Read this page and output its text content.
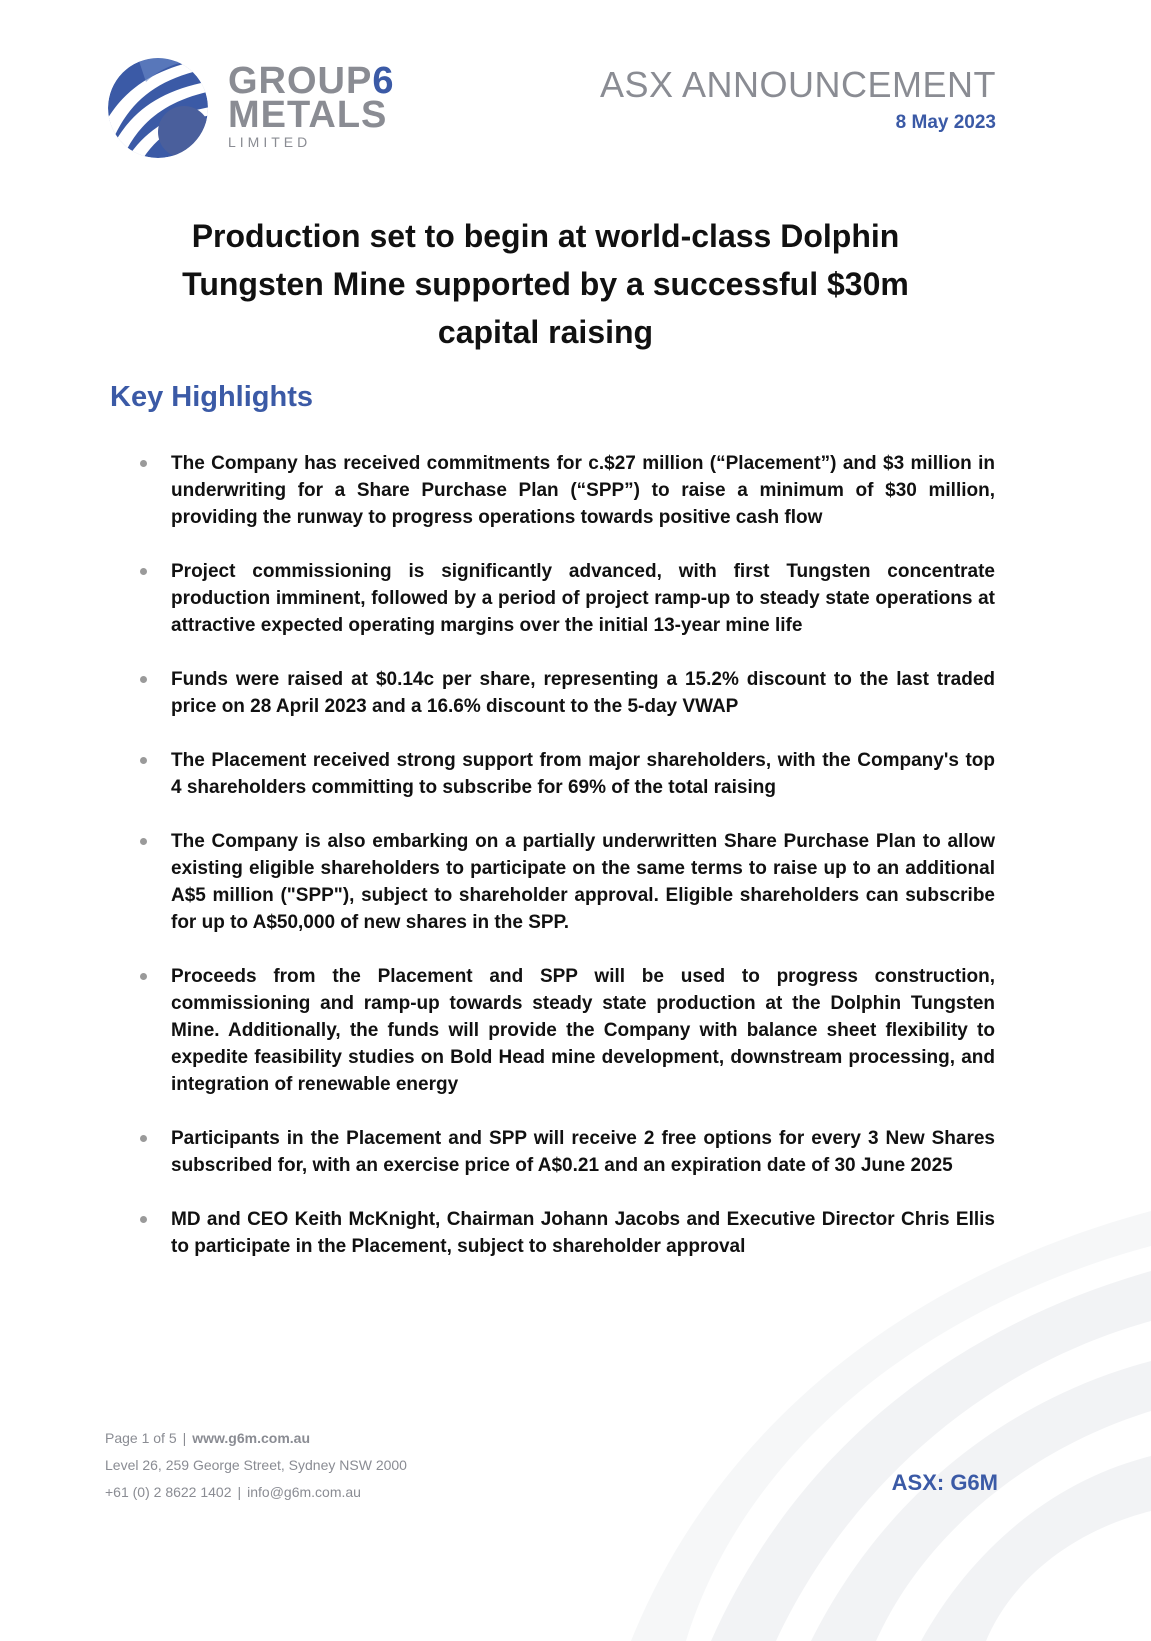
GROUP6
METALS
LIMITED
ASX ANNOUNCEMENT
8 May 2023
Production set to begin at world-class Dolphin Tungsten Mine supported by a successful $30m capital raising
Key Highlights
The Company has received commitments for c.$27 million (“Placement”) and $3 million in underwriting for a Share Purchase Plan (“SPP”) to raise a minimum of $30 million, providing the runway to progress operations towards positive cash flow
Project commissioning is significantly advanced, with first Tungsten concentrate production imminent, followed by a period of project ramp-up to steady state operations at attractive expected operating margins over the initial 13-year mine life
Funds were raised at $0.14c per share, representing a 15.2% discount to the last traded price on 28 April 2023 and a 16.6% discount to the 5-day VWAP
The Placement received strong support from major shareholders, with the Company's top 4 shareholders committing to subscribe for 69% of the total raising
The Company is also embarking on a partially underwritten Share Purchase Plan to allow existing eligible shareholders to participate on the same terms to raise up to an additional A$5 million ("SPP"), subject to shareholder approval. Eligible shareholders can subscribe for up to A$50,000 of new shares in the SPP.
Proceeds from the Placement and SPP will be used to progress construction, commissioning and ramp-up towards steady state production at the Dolphin Tungsten Mine. Additionally, the funds will provide the Company with balance sheet flexibility to expedite feasibility studies on Bold Head mine development, downstream processing, and integration of renewable energy
Participants in the Placement and SPP will receive 2 free options for every 3 New Shares subscribed for, with an exercise price of A$0.21 and an expiration date of 30 June 2025
MD and CEO Keith McKnight, Chairman Johann Jacobs and Executive Director Chris Ellis to participate in the Placement, subject to shareholder approval
Page 1 of 5 | www.g6m.com.au
Level 26, 259 George Street, Sydney NSW 2000
+61 (0) 2 8622 1402 | info@g6m.com.au	ASX: G6M
